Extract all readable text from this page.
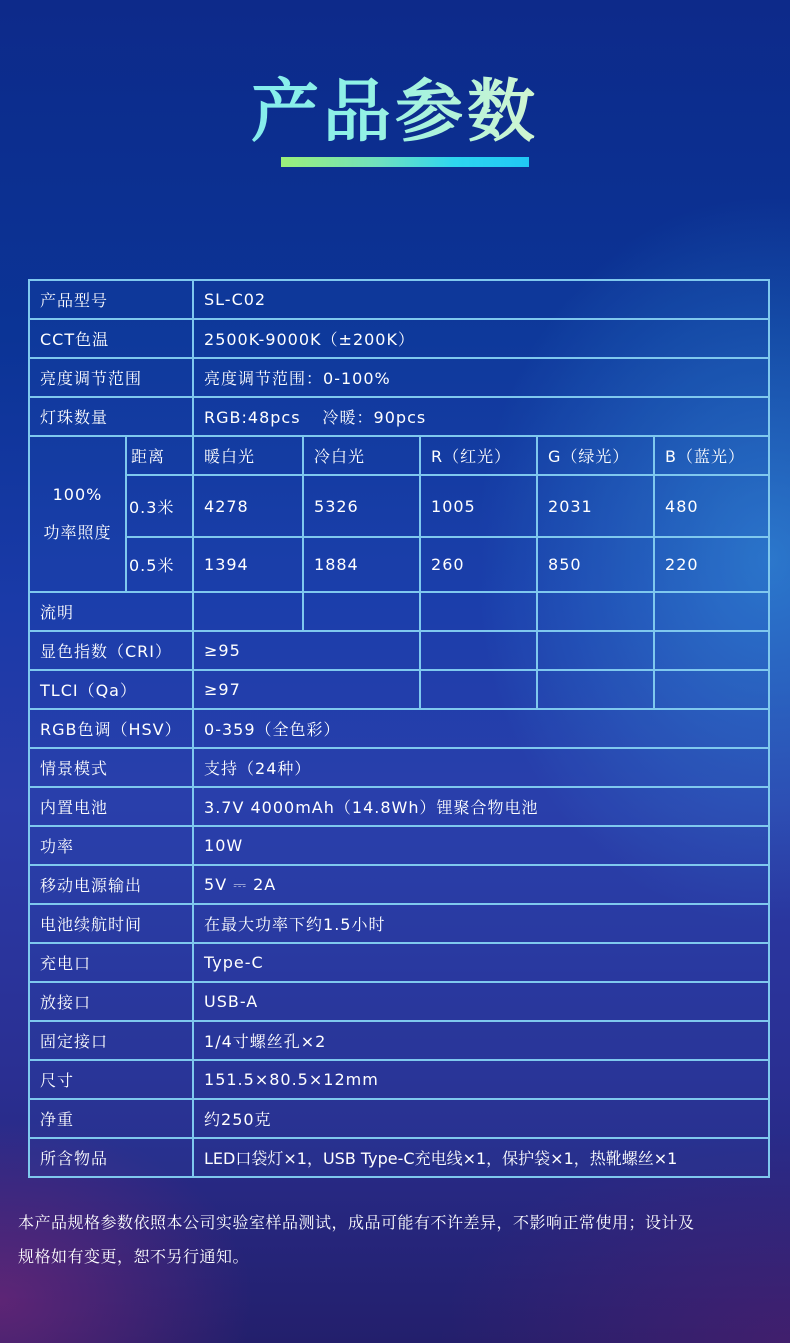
产品参数
产品型号		SL-C02				
CCT色温		2500K-9000K（±200K）				
亮度调节范围		亮度调节范围：0-100%				
灯珠数量		RGB:48pcs 冷暖：90pcs				

100%
功率照度	距离	暖白光	冷白光	R（红光）	G（绿光）	B（蓝光）
	0.3米	4278	5326	1005	2031	480
	0.5米	1394	1884	260	850	220
流明						
显色指数（CRI）		≥95				
TLCI（Qa）		≥97				
RGB色调（HSV）		0-359（全色彩）				
情景模式		支持（24种）				
内置电池		3.7V 4000mAh（14.8Wh）锂聚合物电池				
功率		10W				
移动电源输出		5V ⎓ 2A				
电池续航时间		在最大功率下约1.5小时				
充电口		Type-C				
放接口		USB-A				
固定接口		1/4寸螺丝孔×2				
尺寸		151.5×80.5×12mm				
净重		约250克				
所含物品		LED口袋灯×1，USB Type-C充电线×1，保护袋×1，热靴螺丝×1				
本产品规格参数依照本公司实验室样品测试，成品可能有不许差异，不影响正常使用；设计及
规格如有变更，恕不另行通知。
